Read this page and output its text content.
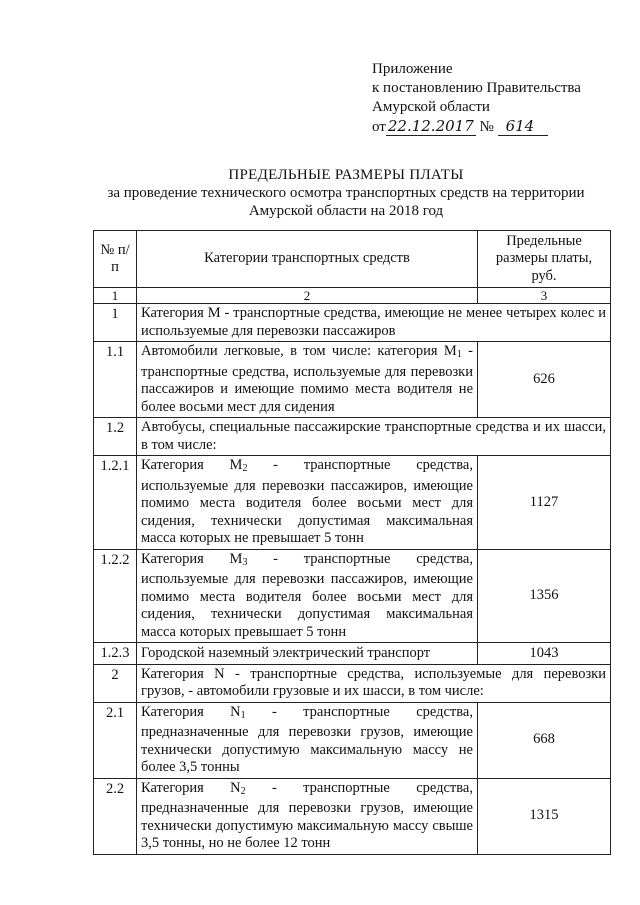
Приложение
к постановлению Правительства
Амурской области
от 22.12.2017 № 614
ПРЕДЕЛЬНЫЕ РАЗМЕРЫ ПЛАТЫ
за проведение технического осмотра транспортных средств на территории
Амурской области на 2018 год
№ п/п	Категории транспортных средств	Предельные размеры платы, руб.
1	2	3
1	Категория М - транспортные средства, имеющие не менее четырех колес и используемые для перевозки пассажиров	
1.1	Автомобили легковые, в том числе: категория $M_1$ - транспортные средства, используемые для перевозки пассажиров и имеющие помимо места водителя не более восьми мест для сидения	626
1.2	Автобусы, специальные пассажирские транспортные средства и их шасси, в том числе:	
1.2.1	Категория $M_2$ - транспортные средства, используемые для перевозки пассажиров, имеющие помимо места водителя более восьми мест для сидения, технически допустимая максимальная масса которых не превышает 5 тонн	1127
1.2.2	Категория $M_3$ - транспортные средства, используемые для перевозки пассажиров, имеющие помимо места водителя более восьми мест для сидения, технически допустимая максимальная масса которых превышает 5 тонн	1356
1.2.3	Городской наземный электрический транспорт	1043
2	Категория N - транспортные средства, используемые для перевозки грузов, - автомобили грузовые и их шасси, в том числе:	
2.1	Категория $N_1$ - транспортные средства, предназначенные для перевозки грузов, имеющие технически допустимую максимальную массу не более 3,5 тонны	668
2.2	Категория $N_2$ - транспортные средства, предназначенные для перевозки грузов, имеющие технически допустимую максимальную массу свыше 3,5 тонны, но не более 12 тонн	1315
